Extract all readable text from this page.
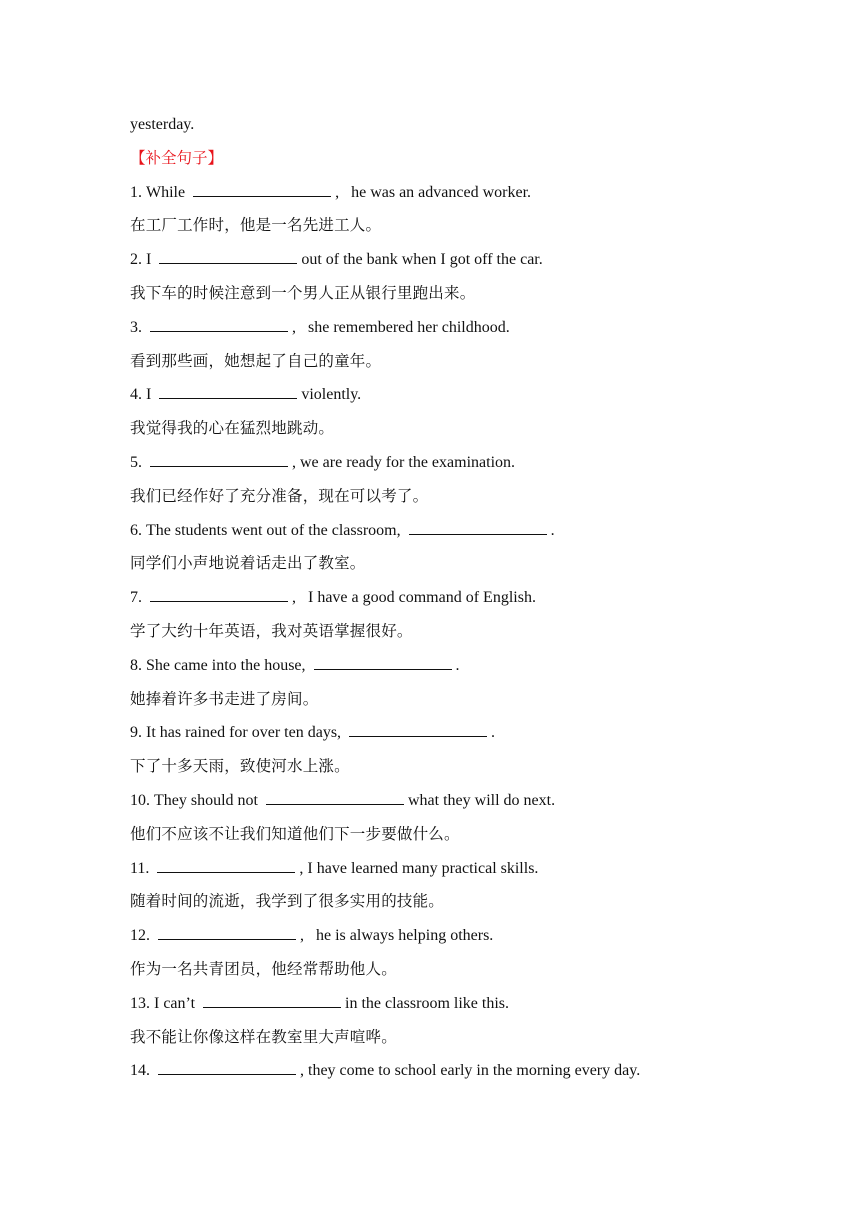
yesterday.
【补全句子】
1. While	,   he was an advanced worker.
在工厂工作时，他是一名先进工人。
2. I	out of the bank when I got off the car.
我下车的时候注意到一个男人正从银行里跑出来。
3.	,   she remembered her childhood.
看到那些画，她想起了自己的童年。
4. I	violently.
我觉得我的心在猛烈地跳动。
5.	, we are ready for the examination.
我们已经作好了充分准备，现在可以考了。
6. The students went out of the classroom,	.
同学们小声地说着话走出了教室。
7.	,   I have a good command of English.
学了大约十年英语，我对英语掌握很好。
8. She came into the house,	.
她捧着许多书走进了房间。
9. It has rained for over ten days,	.
下了十多天雨，致使河水上涨。
10. They should not	what they will do next.
他们不应该不让我们知道他们下一步要做什么。
11.	, I have learned many practical skills.
随着时间的流逝，我学到了很多实用的技能。
12.	,   he is always helping others.
作为一名共青团员，他经常帮助他人。
13. I can’t	in the classroom like this.
我不能让你像这样在教室里大声喧哗。
14.	, they come to school early in the morning every day.
